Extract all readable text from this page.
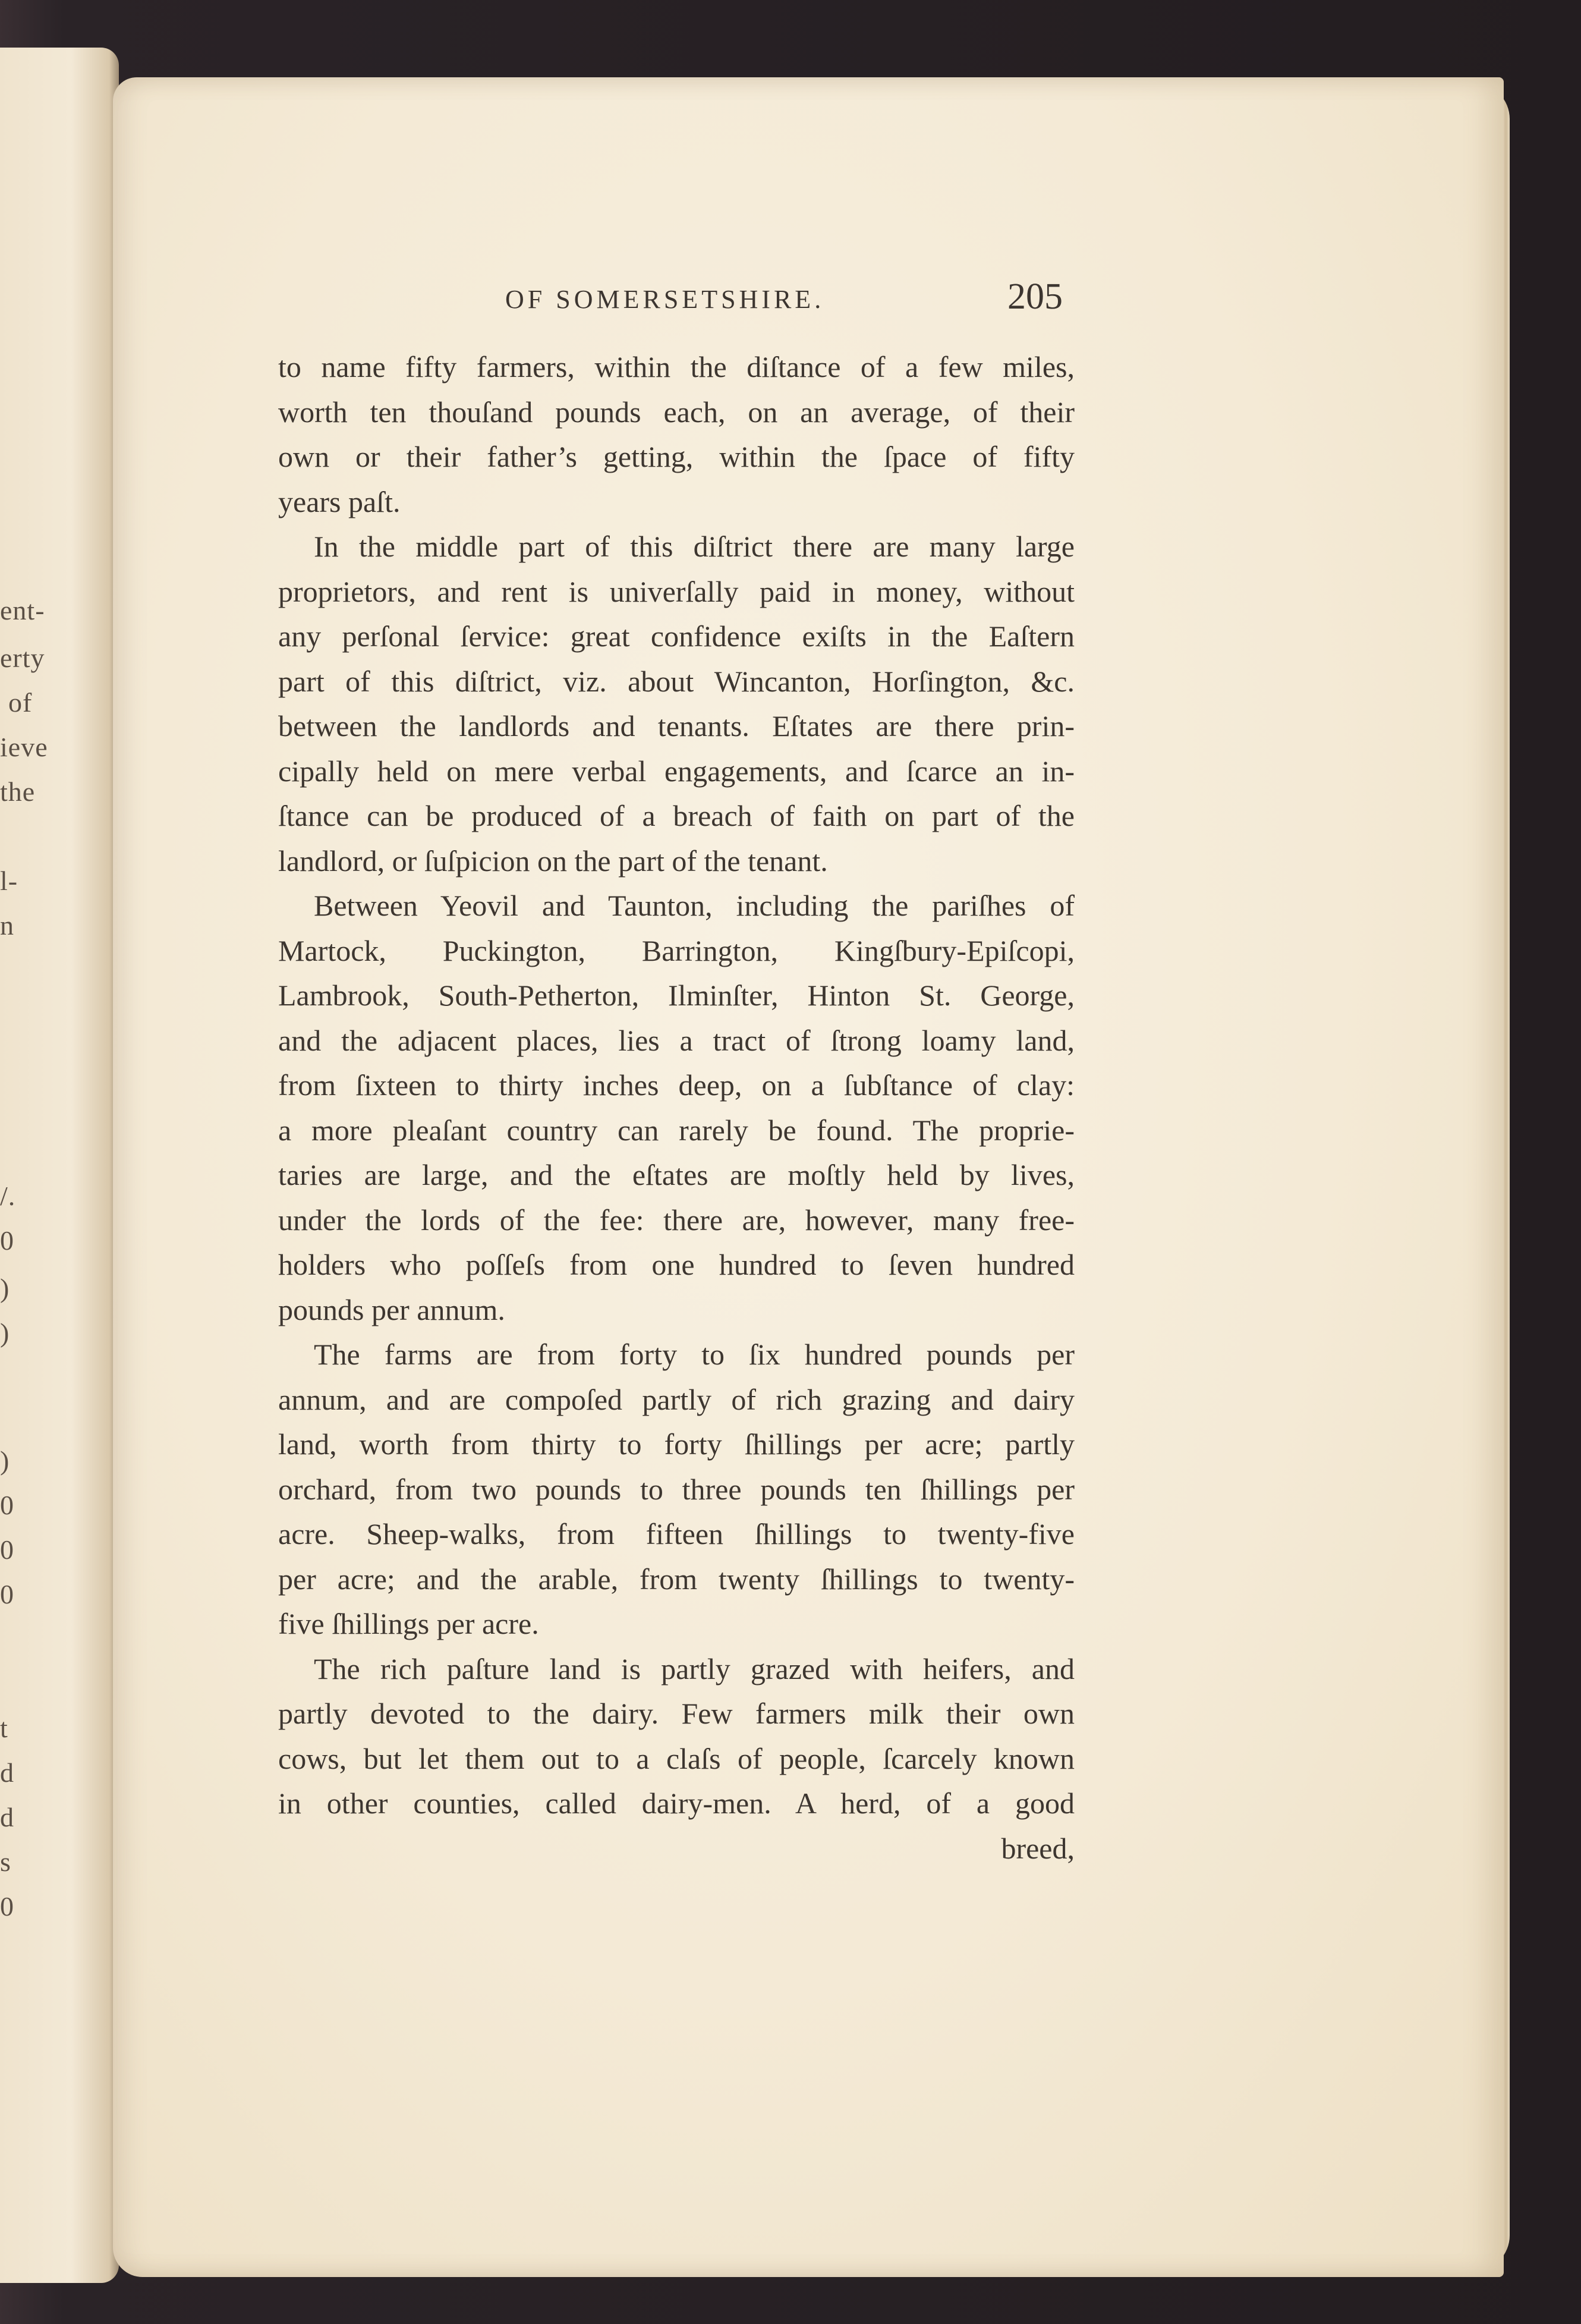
ent-
erty
of
ieve
the
l-
n
/.
0
)
)
)
0
0
0
t
d
d
s
0
OF SOMERSETSHIRE.	205
to name fifty farmers, within the diſtance of a few miles,
worth ten thouſand pounds each, on an average, of their
own or their father’s getting, within the ſpace of fifty
years paſt.
In the middle part of this diſtrict there are many large
proprietors, and rent is univerſally paid in money, without
any perſonal ſervice: great confidence exiſts in the Eaſtern
part of this diſtrict, viz. about Wincanton, Horſington, &c.
between the landlords and tenants. Eſtates are there prin-
cipally held on mere verbal engagements, and ſcarce an in-
ſtance can be produced of a breach of faith on part of the
landlord, or ſuſpicion on the part of the tenant.
Between Yeovil and Taunton, including the pariſhes of
Martock, Puckington, Barrington, Kingſbury-Epiſcopi,
Lambrook, South-Petherton, Ilminſter, Hinton St. George,
and the adjacent places, lies a tract of ſtrong loamy land,
from ſixteen to thirty inches deep, on a ſubſtance of clay:
a more pleaſant country can rarely be found. The proprie-
taries are large, and the eſtates are moſtly held by lives,
under the lords of the fee: there are, however, many free-
holders who poſſeſs from one hundred to ſeven hundred
pounds per annum.
The farms are from forty to ſix hundred pounds per
annum, and are compoſed partly of rich grazing and dairy
land, worth from thirty to forty ſhillings per acre; partly
orchard, from two pounds to three pounds ten ſhillings per
acre. Sheep-walks, from fifteen ſhillings to twenty-five
per acre; and the arable, from twenty ſhillings to twenty-
five ſhillings per acre.
The rich paſture land is partly grazed with heifers, and
partly devoted to the dairy. Few farmers milk their own
cows, but let them out to a claſs of people, ſcarcely known
in other counties, called dairy-men. A herd, of a good
breed,
